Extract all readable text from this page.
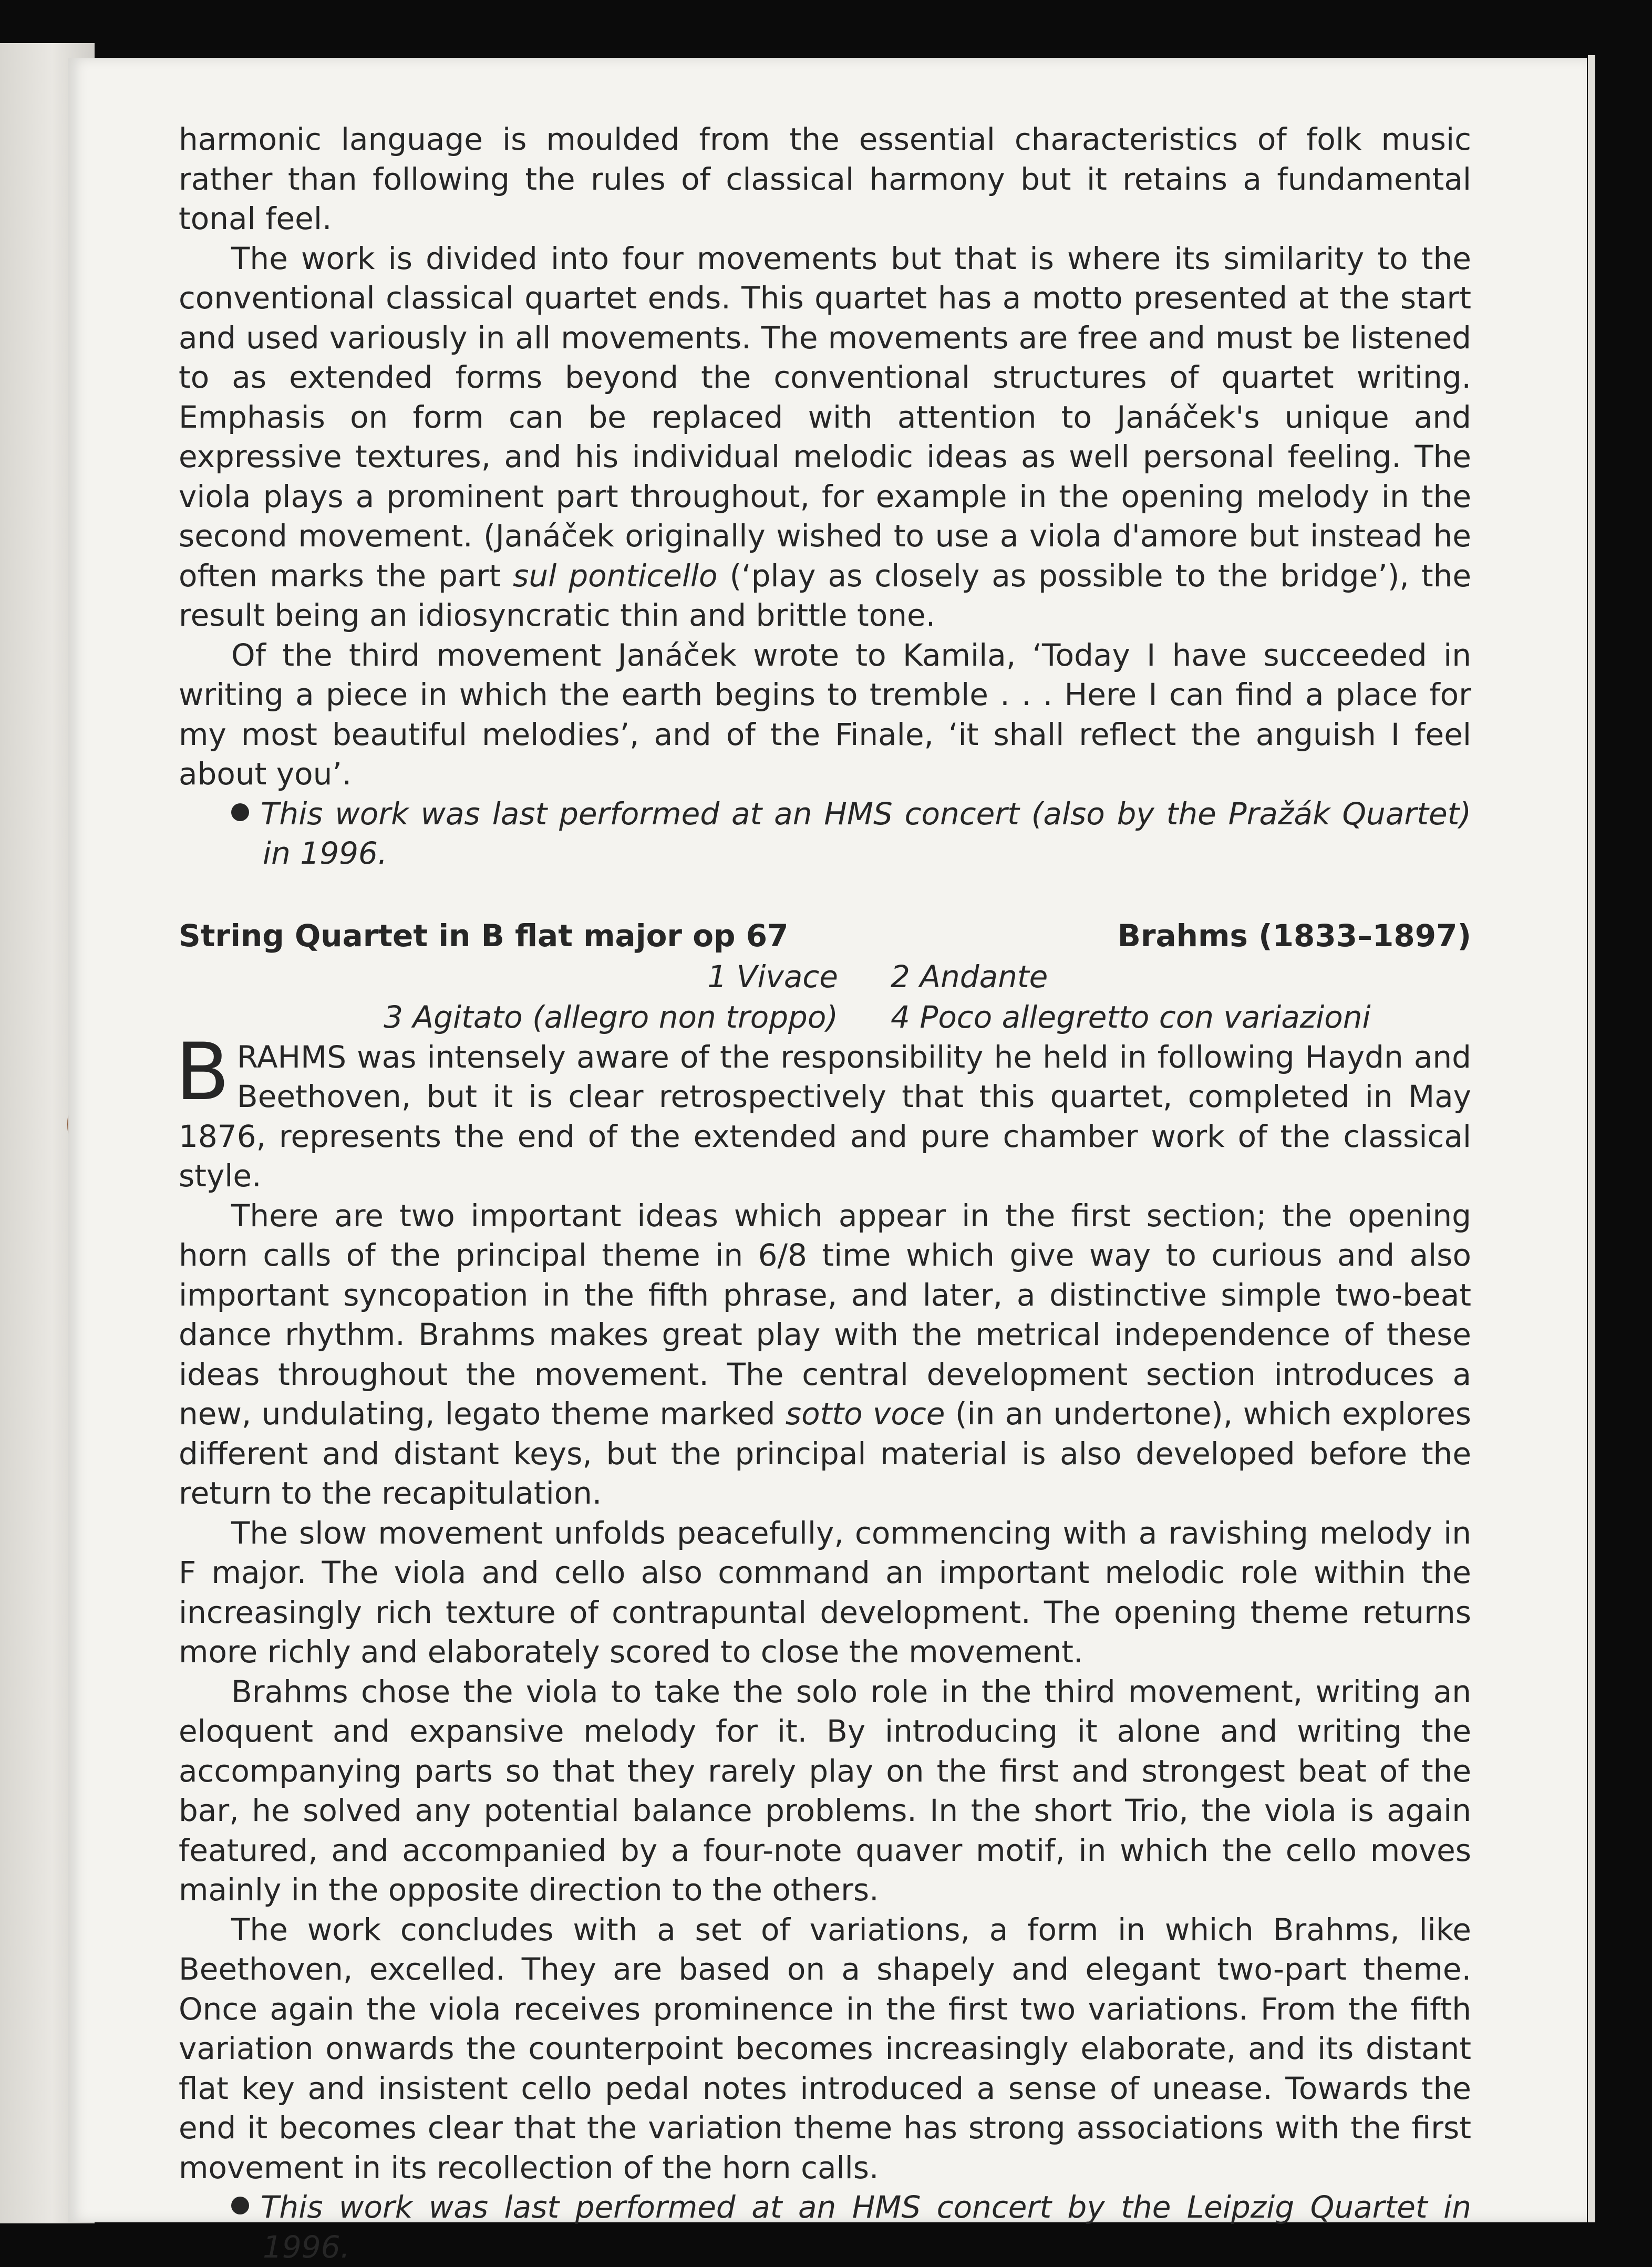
harmonic language is moulded from the essential characteristics of folk music rather than following the rules of classical harmony but it retains a fundamental tonal feel.

The work is divided into four movements but that is where its similarity to the conventional classical quartet ends. This quartet has a motto presented at the start and used variously in all movements. The movements are free and must be listened to as extended forms beyond the conventional structures of quartet writing. Emphasis on form can be replaced with attention to Janáček's unique and expressive textures, and his individual melodic ideas as well personal feeling. The viola plays a prominent part throughout, for example in the opening melody in the second movement. (Janáček originally wished to use a viola d'amore but instead he often marks the part sul ponticello (‘play as closely as possible to the bridge’), the result being an idiosyncratic thin and brittle tone.

Of the third movement Janáček wrote to Kamila, ‘Today I have succeeded in writing a piece in which the earth begins to tremble . . . Here I can find a place for my most beautiful melodies’, and of the Finale, ‘it shall reflect the anguish I feel about you’.

This work was last performed at an HMS concert (also by the Pražák Quartet) in 1996.

String Quartet in B flat major op 67	Brahms (1833–1897)
1 Vivace	2 Andante
3 Agitato (allegro non troppo)	4 Poco allegretto con variazioni

BRAHMS was intensely aware of the responsibility he held in following Haydn and Beethoven, but it is clear retrospectively that this quartet, completed in May 1876, represents the end of the extended and pure chamber work of the classical style.

There are two important ideas which appear in the first section; the opening horn calls of the principal theme in 6/8 time which give way to curious and also important syncopation in the fifth phrase, and later, a distinctive simple two-beat dance rhythm. Brahms makes great play with the metrical independence of these ideas throughout the movement. The central development section introduces a new, undulating, legato theme marked sotto voce (in an undertone), which explores different and distant keys, but the principal material is also developed before the return to the recapitulation.

The slow movement unfolds peacefully, commencing with a ravishing melody in F major. The viola and cello also command an important melodic role within the increasingly rich texture of contrapuntal development. The opening theme returns more richly and elaborately scored to close the movement.

Brahms chose the viola to take the solo role in the third movement, writing an eloquent and expansive melody for it. By introducing it alone and writing the accompanying parts so that they rarely play on the first and strongest beat of the bar, he solved any potential balance problems. In the short Trio, the viola is again featured, and accompanied by a four-note quaver motif, in which the cello moves mainly in the opposite direction to the others.

The work concludes with a set of variations, a form in which Brahms, like Beethoven, excelled. They are based on a shapely and elegant two-part theme. Once again the viola receives prominence in the first two variations. From the fifth variation onwards the counterpoint becomes increasingly elaborate, and its distant flat key and insistent cello pedal notes introduced a sense of unease. Towards the end it becomes clear that the variation theme has strong associations with the first movement in its recollection of the horn calls.

This work was last performed at an HMS concert by the Leipzig Quartet in 1996.
